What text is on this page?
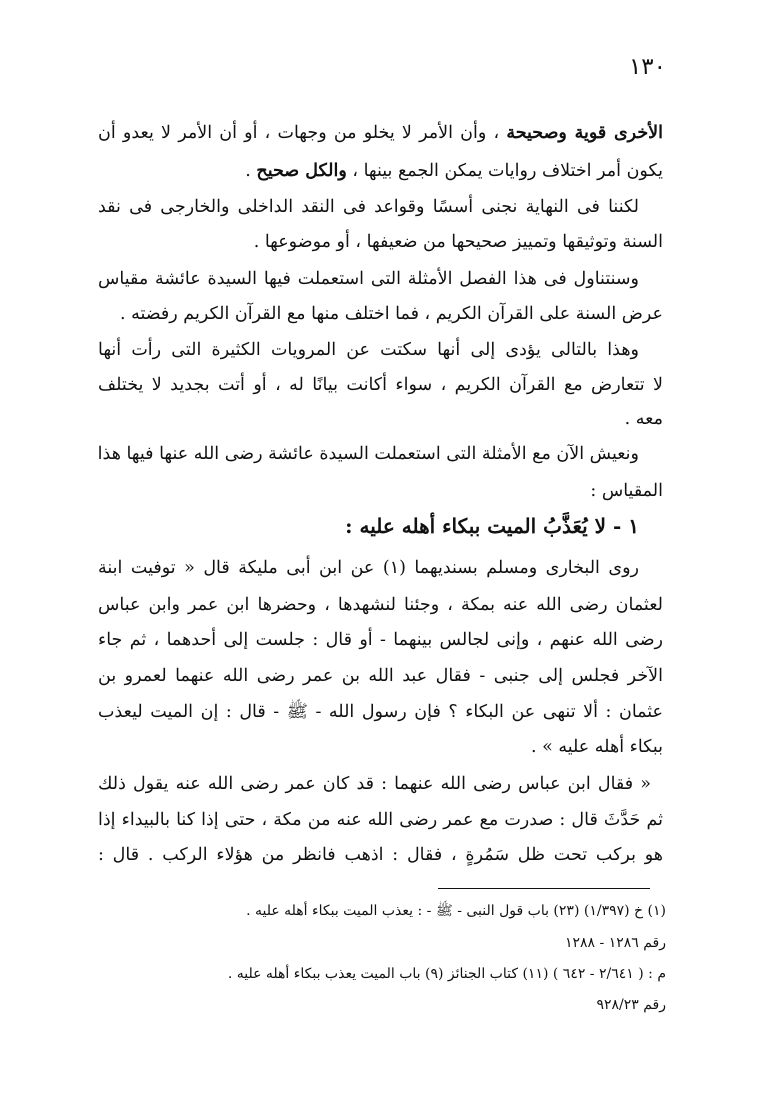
١٣٠
الأخرى قوية وصحيحة ، وأن الأمر لا يخلو من وجهات ، أو أن الأمر لا يعدو أن
يكون أمر اختلاف روايات يمكن الجمع بينها ، والكل صحيح .
لكننا فى النهاية نجنى أسسًا وقواعد فى النقد الداخلى والخارجى فى نقد
السنة وتوثيقها وتمييز صحيحها من ضعيفها ، أو موضوعها .
وسنتناول فى هذا الفصل الأمثلة التى استعملت فيها السيدة عائشة مقياس
عرض السنة على القرآن الكريم ، فما اختلف منها مع القرآن الكريم رفضته .
وهذا بالتالى يؤدى إلى أنها سكتت عن المرويات الكثيرة التى رأت أنها
لا تتعارض مع القرآن الكريم ، سواء أكانت بيانًا له ، أو أتت بجديد لا يختلف
معه .
ونعيش الآن مع الأمثلة التى استعملت السيدة عائشة رضى الله عنها فيها هذا
المقياس :
١ - لا يُعَذَّبُ الميت ببكاء أهله عليه :
روى البخارى ومسلم بسنديهما (١) عن ابن أبى مليكة قال « توفيت ابنة
لعثمان رضى الله عنه بمكة ، وجئنا لنشهدها ، وحضرها ابن عمر وابن عباس
رضى الله عنهم ، وإنى لجالس بينهما - أو قال : جلست إلى أحدهما ، ثم جاء
الآخر فجلس إلى جنبى - فقال عبد الله بن عمر رضى الله عنهما لعمرو بن
عثمان : ألا تنهى عن البكاء ؟ فإن رسول الله - ﷺ - قال : إن الميت ليعذب
ببكاء أهله عليه » .
« فقال ابن عباس رضى الله عنهما : قد كان عمر رضى الله عنه يقول ذلك
ثم حَدَّثَ قال : صدرت مع عمر رضى الله عنه من مكة ، حتى إذا كنا بالبيداء إذا
هو بركب تحت ظل سَمُرةٍ ، فقال : اذهب فانظر من هؤلاء الركب . قال :
(١) خ (١/٣٩٧) (٢٣) باب قول النبى - ﷺ - : يعذب الميت ببكاء أهله عليه .
رقم ١٢٨٦ - ١٢٨٨
م : ( ٢/٦٤١ - ٦٤٢ ) (١١) كتاب الجنائز (٩) باب الميت يعذب ببكاء أهله عليه .
رقم ٩٢٨/٢٣
